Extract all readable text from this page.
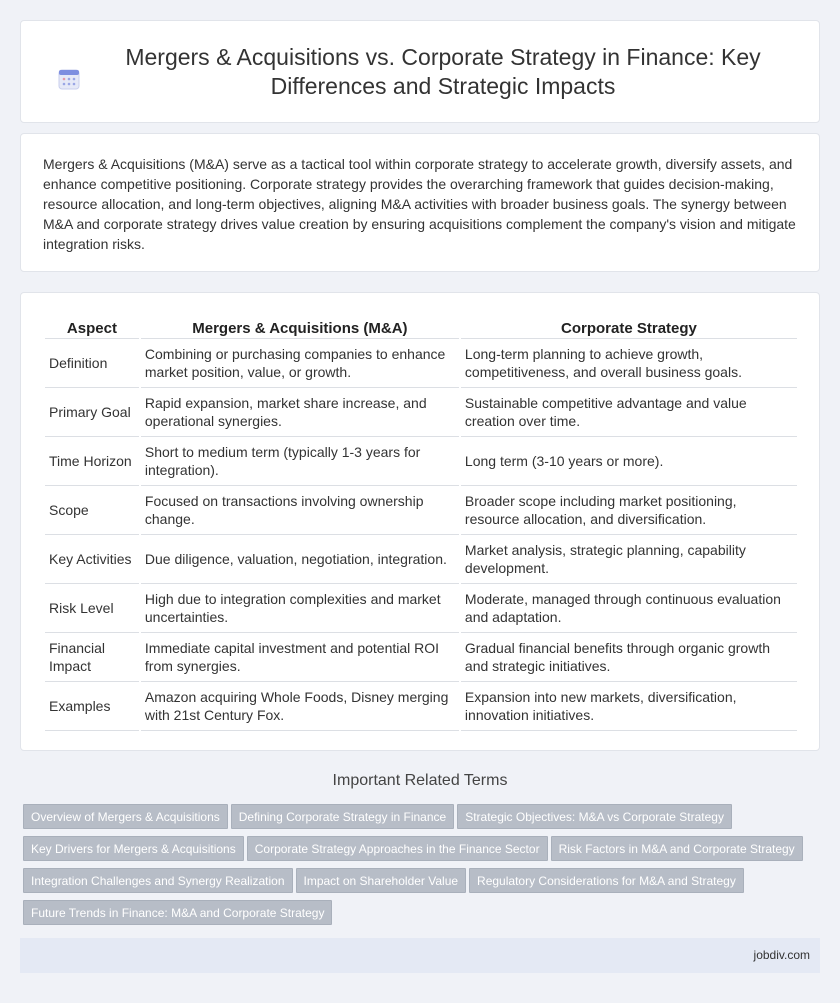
Mergers & Acquisitions vs. Corporate Strategy in Finance: Key Differences and Strategic Impacts

Mergers & Acquisitions (M&A) serve as a tactical tool within corporate strategy to accelerate growth, diversify assets, and enhance competitive positioning. Corporate strategy provides the overarching framework that guides decision-making, resource allocation, and long-term objectives, aligning M&A activities with broader business goals. The synergy between M&A and corporate strategy drives value creation by ensuring acquisitions complement the company's vision and mitigate integration risks.

Aspect	Mergers & Acquisitions (M&A)	Corporate Strategy
Definition	Combining or purchasing companies to enhance market position, value, or growth.	Long-term planning to achieve growth, competitiveness, and overall business goals.
Primary Goal	Rapid expansion, market share increase, and operational synergies.	Sustainable competitive advantage and value creation over time.
Time Horizon	Short to medium term (typically 1-3 years for integration).	Long term (3-10 years or more).
Scope	Focused on transactions involving ownership change.	Broader scope including market positioning, resource allocation, and diversification.
Key Activities	Due diligence, valuation, negotiation, integration.	Market analysis, strategic planning, capability development.
Risk Level	High due to integration complexities and market uncertainties.	Moderate, managed through continuous evaluation and adaptation.
Financial Impact	Immediate capital investment and potential ROI from synergies.	Gradual financial benefits through organic growth and strategic initiatives.
Examples	Amazon acquiring Whole Foods, Disney merging with 21st Century Fox.	Expansion into new markets, diversification, innovation initiatives.
Important Related Terms
Overview of Mergers & Acquisitions Defining Corporate Strategy in Finance Strategic Objectives: M&A vs Corporate Strategy
Key Drivers for Mergers & Acquisitions Corporate Strategy Approaches in the Finance Sector Risk Factors in M&A and Corporate Strategy
Integration Challenges and Synergy Realization Impact on Shareholder Value Regulatory Considerations for M&A and Strategy
Future Trends in Finance: M&A and Corporate Strategy
jobdiv.com
